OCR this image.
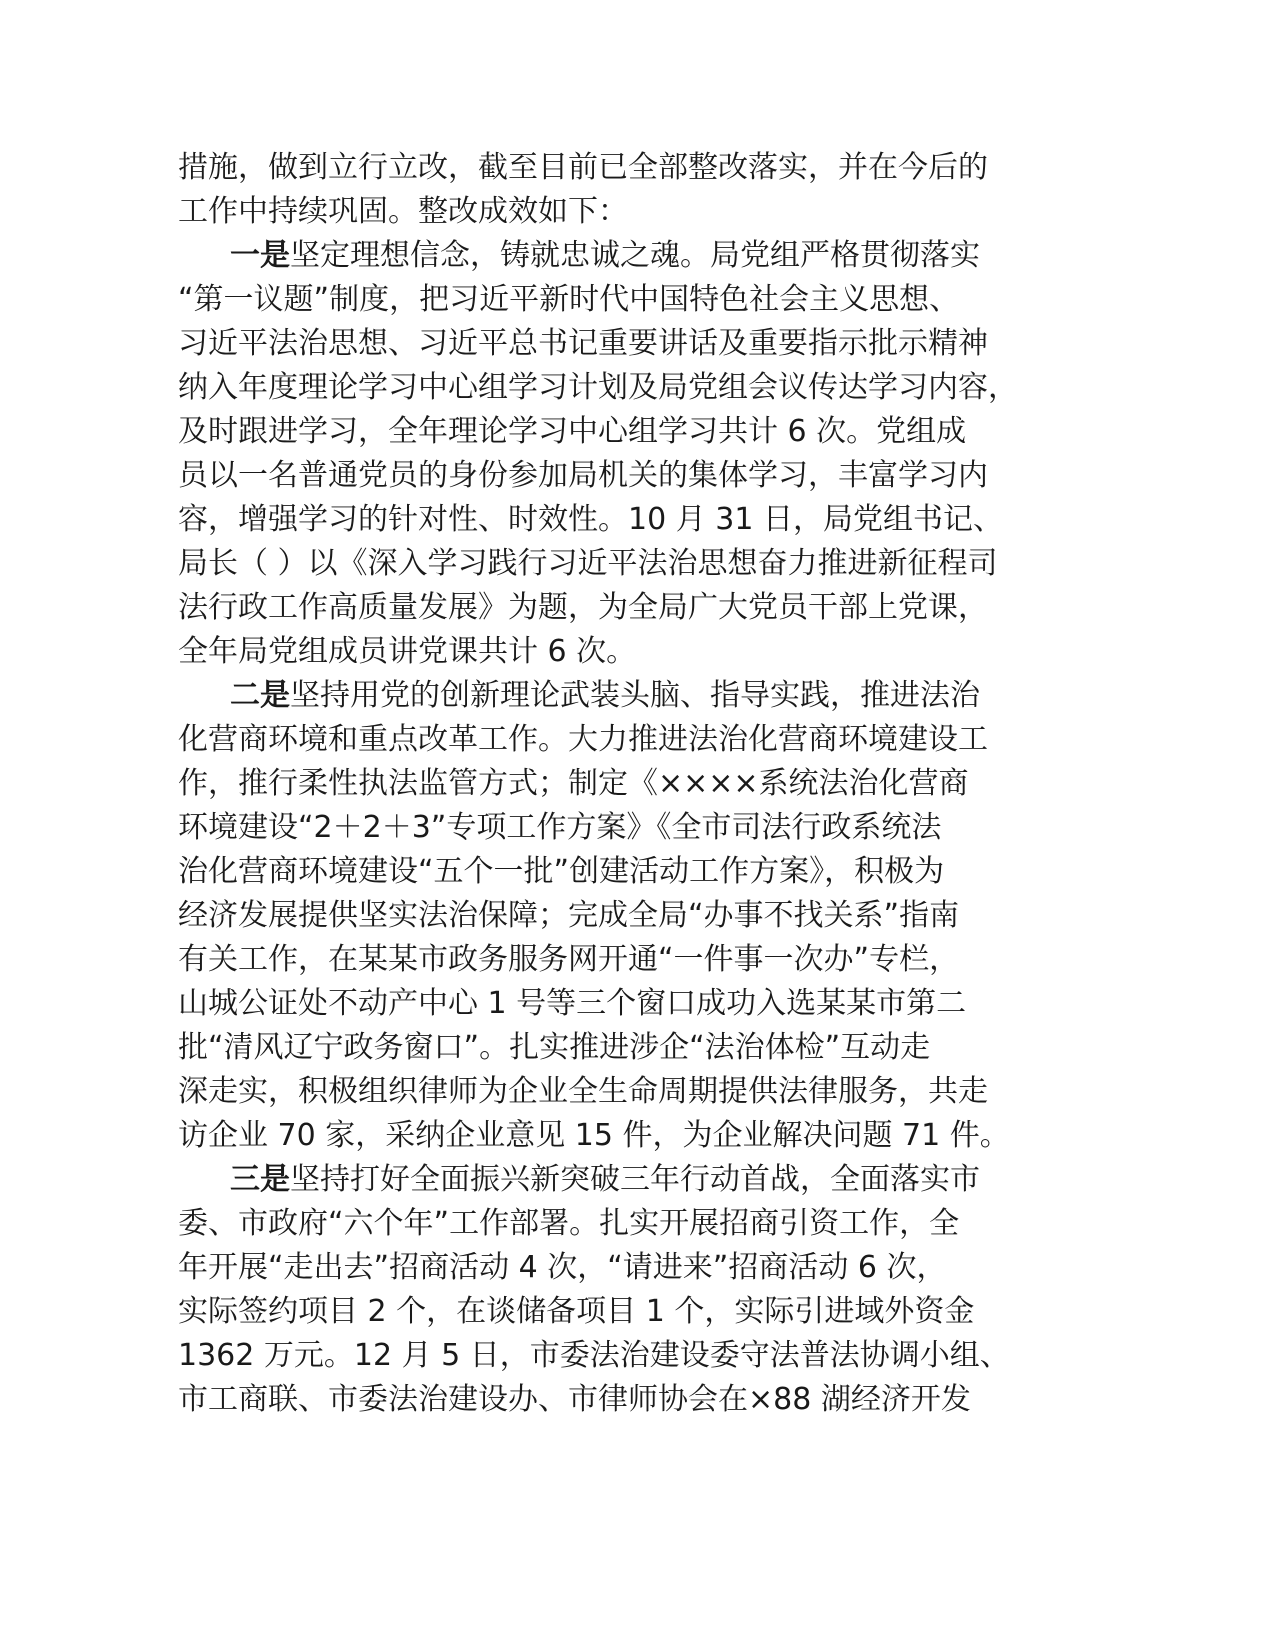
措施，做到立行立改，截至目前已全部整改落实，并在今后的
工作中持续巩固。整改成效如下：
一是坚定理想信念，铸就忠诚之魂。局党组严格贯彻落实
“第一议题”制度，把习近平新时代中国特色社会主义思想、
习近平法治思想、习近平总书记重要讲话及重要指示批示精神
纳入年度理论学习中心组学习计划及局党组会议传达学习内容，
及时跟进学习，全年理论学习中心组学习共计 6 次。党组成
员以一名普通党员的身份参加局机关的集体学习，丰富学习内
容，增强学习的针对性、时效性。10 月 31 日，局党组书记、
局长（ ）以《深入学习践行习近平法治思想奋力推进新征程司
法行政工作高质量发展》为题，为全局广大党员干部上党课，
全年局党组成员讲党课共计 6 次。
二是坚持用党的创新理论武装头脑、指导实践，推进法治
化营商环境和重点改革工作。大力推进法治化营商环境建设工
作，推行柔性执法监管方式；制定《××××系统法治化营商
环境建设“2＋2＋3”专项工作方案》《全市司法行政系统法
治化营商环境建设“五个一批”创建活动工作方案》，积极为
经济发展提供坚实法治保障；完成全局“办事不找关系”指南
有关工作，在某某市政务服务网开通“一件事一次办”专栏，
山城公证处不动产中心 1 号等三个窗口成功入选某某市第二
批“清风辽宁政务窗口”。扎实推进涉企“法治体检”互动走
深走实，积极组织律师为企业全生命周期提供法律服务，共走
访企业 70 家，采纳企业意见 15 件，为企业解决问题 71 件。
三是坚持打好全面振兴新突破三年行动首战，全面落实市
委、市政府“六个年”工作部署。扎实开展招商引资工作，全
年开展“走出去”招商活动 4 次，“请进来”招商活动 6 次，
实际签约项目 2 个，在谈储备项目 1 个，实际引进域外资金
1362 万元。12 月 5 日，市委法治建设委守法普法协调小组、
市工商联、市委法治建设办、市律师协会在×88 湖经济开发
